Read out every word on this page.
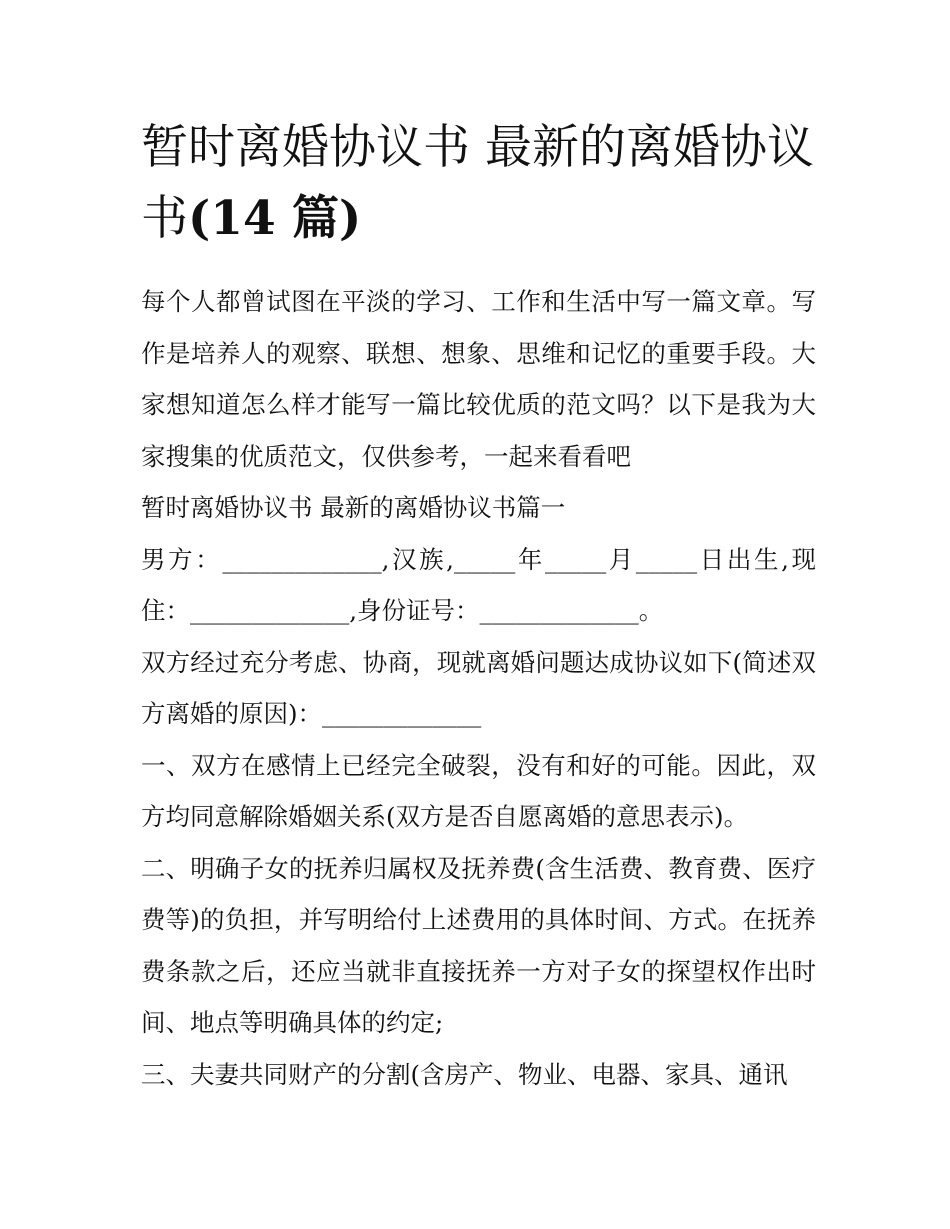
暂时离婚协议书 最新的离婚协议书(14 篇)

每个人都曾试图在平淡的学习、工作和生活中写一篇文章。写作是培养人的观察、联想、想象、思维和记忆的重要手段。大家想知道怎么样才能写一篇比较优质的范文吗？以下是我为大家搜集的优质范文，仅供参考，一起来看看吧

暂时离婚协议书 最新的离婚协议书篇一

男方：_____________,汉族,_____年_____月_____日出生,现住：_____________,身份证号：_____________。

双方经过充分考虑、协商，现就离婚问题达成协议如下(简述双方离婚的原因)：_____________

一、双方在感情上已经完全破裂，没有和好的可能。因此，双方均同意解除婚姻关系(双方是否自愿离婚的意思表示)。

二、明确子女的抚养归属权及抚养费(含生活费、教育费、医疗费等)的负担，并写明给付上述费用的具体时间、方式。在抚养费条款之后，还应当就非直接抚养一方对子女的探望权作出时间、地点等明确具体的约定;

三、夫妻共同财产的分割(含房产、物业、电器、家具、通讯
